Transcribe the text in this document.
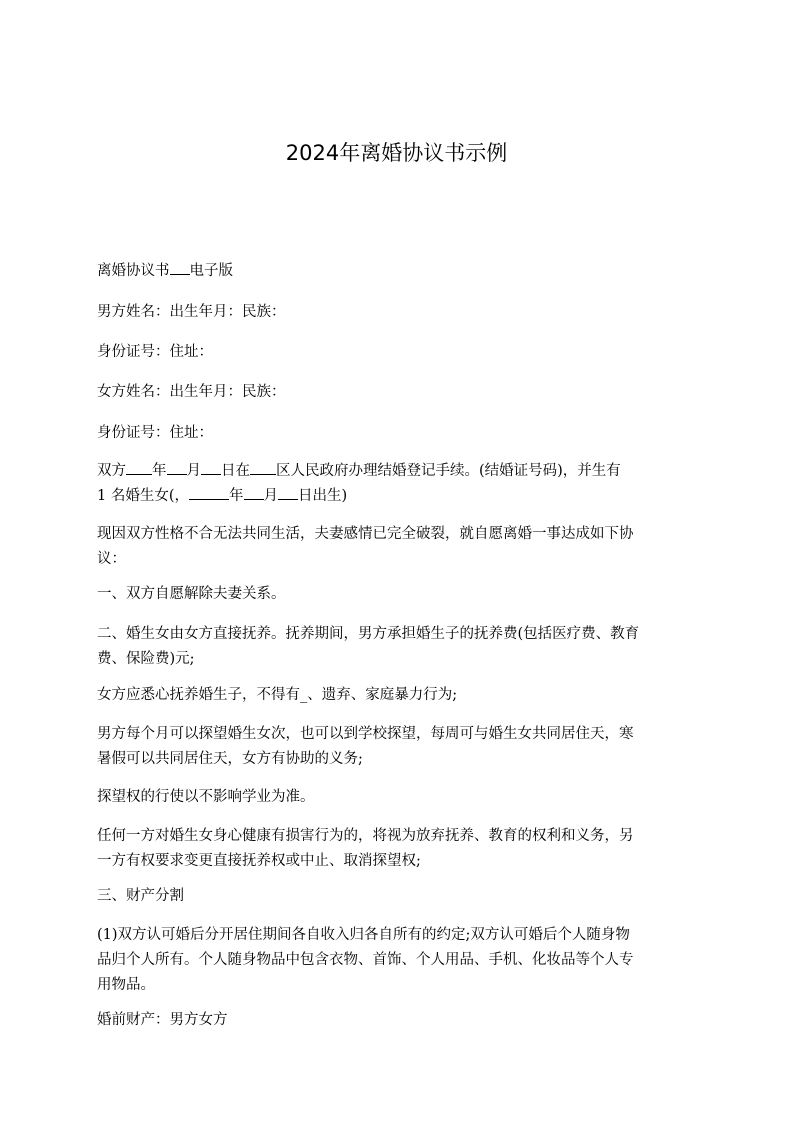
2024年离婚协议书示例

离婚协议书 电子版

男方姓名：出生年月：民族：

身份证号：住址：

女方姓名：出生年月：民族：

身份证号：住址：

双方 年 月 日在 区人民政府办理结婚登记手续。(结婚证号码)，并生有
1 名婚生女(，	年 月 日出生)

现因双方性格不合无法共同生活，夫妻感情已完全破裂，就自愿离婚一事达成如下协
议：

一、双方自愿解除夫妻关系。

二、婚生女由女方直接抚养。抚养期间，男方承担婚生子的抚养费(包括医疗费、教育
费、保险费)元;

女方应悉心抚养婚生子，不得有_、遗弃、家庭暴力行为;

男方每个月可以探望婚生女次，也可以到学校探望，每周可与婚生女共同居住天，寒
暑假可以共同居住天，女方有协助的义务;

探望权的行使以不影响学业为准。

任何一方对婚生女身心健康有损害行为的，将视为放弃抚养、教育的权利和义务，另
一方有权要求变更直接抚养权或中止、取消探望权;

三、财产分割

(1)双方认可婚后分开居住期间各自收入归各自所有的约定;双方认可婚后个人随身物
品归个人所有。个人随身物品中包含衣物、首饰、个人用品、手机、化妆品等个人专
用物品。

婚前财产：男方女方
